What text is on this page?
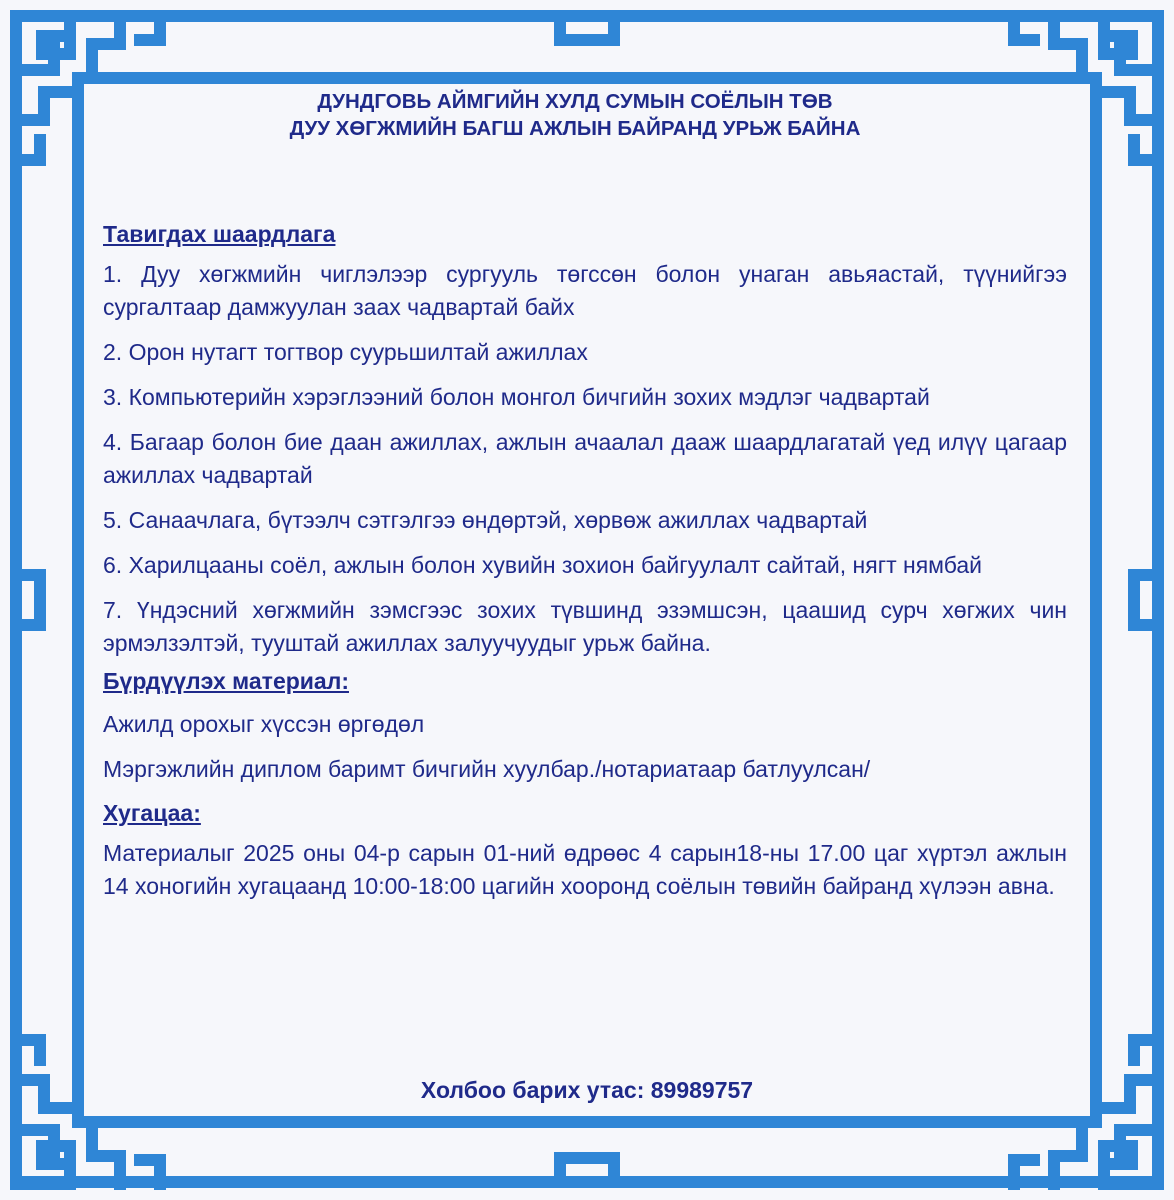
ДУНДГОВЬ АЙМГИЙН ХУЛД СУМЫН СОЁЛЫН ТӨВ
ДУУ ХӨГЖМИЙН БАГШ АЖЛЫН БАЙРАНД УРЬЖ БАЙНА
Тавигдах шаардлага
1. Дуу хөгжмийн чиглэлээр сургууль төгссөн болон унаган авьяастай, түүнийгээ сургалтаар дамжуулан заах чадвартай байх
2. Орон нутагт тогтвор суурьшилтай ажиллах
3. Компьютерийн хэрэглээний болон монгол бичгийн зохих мэдлэг чадвартай
4. Багаар болон бие даан ажиллах, ажлын ачаалал дааж шаардлагатай үед илүү цагаар ажиллах чадвартай
5. Санаачлага, бүтээлч сэтгэлгээ өндөртэй, хөрвөж ажиллах чадвартай
6. Харилцааны соёл, ажлын болон хувийн зохион байгуулалт сайтай, нягт нямбай
7. Үндэсний хөгжмийн зэмсгээс зохих түвшинд эзэмшсэн, цаашид сурч хөгжих чин эрмэлзэлтэй, тууштай ажиллах залуучуудыг урьж байна.
Бүрдүүлэх материал:
Ажилд орохыг хүссэн өргөдөл
Мэргэжлийн диплом баримт бичгийн хуулбар./нотариатаар батлуулсан/
Хугацаа:
Материалыг 2025 оны 04-р сарын 01-ний өдрөөс 4 сарын18-ны 17.00 цаг хүртэл ажлын 14 хоногийн хугацаанд 10:00-18:00 цагийн хооронд соёлын төвийн байранд хүлээн авна.
Холбоо барих утас: 89989757
